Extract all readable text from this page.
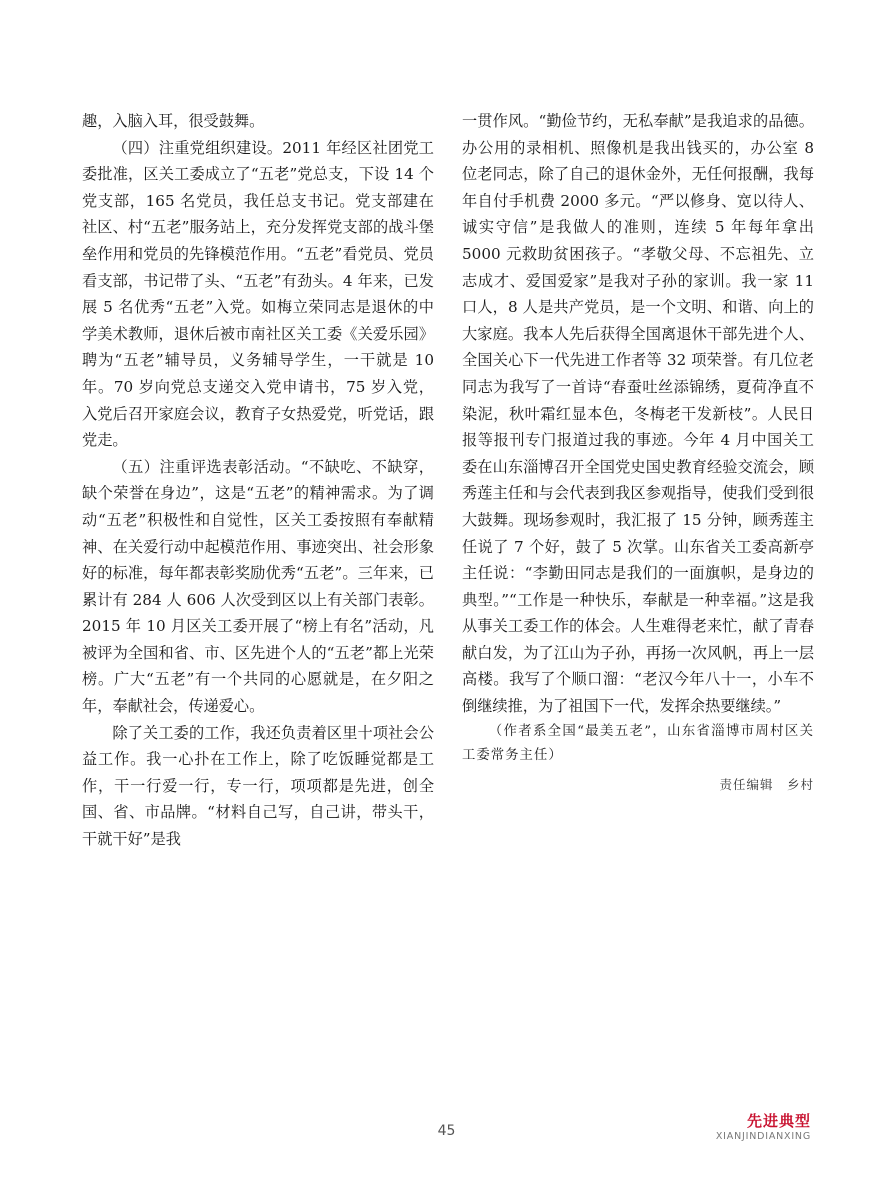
趣，入脑入耳，很受鼓舞。

（四）注重党组织建设。2011 年经区社团党工委批准，区关工委成立了“五老”党总支，下设 14 个党支部，165 名党员，我任总支书记。党支部建在社区、村“五老”服务站上，充分发挥党支部的战斗堡垒作用和党员的先锋模范作用。“五老”看党员、党员看支部，书记带了头、“五老”有劲头。4 年来，已发展 5 名优秀“五老”入党。如梅立荣同志是退休的中学美术教师，退休后被市南社区关工委《关爱乐园》聘为“五老”辅导员，义务辅导学生，一干就是 10 年。70 岁向党总支递交入党申请书，75 岁入党，入党后召开家庭会议，教育子女热爱党，听党话，跟党走。

（五）注重评选表彰活动。“不缺吃、不缺穿，缺个荣誉在身边”，这是“五老”的精神需求。为了调动“五老”积极性和自觉性，区关工委按照有奉献精神、在关爱行动中起模范作用、事迹突出、社会形象好的标准，每年都表彰奖励优秀“五老”。三年来，已累计有 284 人 606 人次受到区以上有关部门表彰。2015 年 10 月区关工委开展了“榜上有名”活动，凡被评为全国和省、市、区先进个人的“五老”都上光荣榜。广大“五老”有一个共同的心愿就是，在夕阳之年，奉献社会，传递爱心。

除了关工委的工作，我还负责着区里十项社会公益工作。我一心扑在工作上，除了吃饭睡觉都是工作，干一行爱一行，专一行，项项都是先进，创全国、省、市品牌。“材料自己写，自己讲，带头干，干就干好”是我

一贯作风。“勤俭节约，无私奉献”是我追求的品德。办公用的录相机、照像机是我出钱买的，办公室 8 位老同志，除了自己的退休金外，无任何报酬，我每年自付手机费 2000 多元。“严以修身、宽以待人、诚实守信”是我做人的准则，连续 5 年每年拿出 5000 元救助贫困孩子。“孝敬父母、不忘祖先、立志成才、爱国爱家”是我对子孙的家训。我一家 11 口人，8 人是共产党员，是一个文明、和谐、向上的大家庭。我本人先后获得全国离退休干部先进个人、全国关心下一代先进工作者等 32 项荣誉。有几位老同志为我写了一首诗“春蚕吐丝添锦绣，夏荷净直不染泥，秋叶霜红显本色，冬梅老干发新枝”。人民日报等报刊专门报道过我的事迹。今年 4 月中国关工委在山东淄博召开全国党史国史教育经验交流会，顾秀莲主任和与会代表到我区参观指导，使我们受到很大鼓舞。现场参观时，我汇报了 15 分钟，顾秀莲主任说了 7 个好，鼓了 5 次掌。山东省关工委高新亭主任说：“李勤田同志是我们的一面旗帜，是身边的典型。”“工作是一种快乐，奉献是一种幸福。”这是我从事关工委工作的体会。人生难得老来忙，献了青春献白发，为了江山为子孙，再扬一次风帆，再上一层高楼。我写了个顺口溜：“老汉今年八十一，小车不倒继续推，为了祖国下一代，发挥余热要继续。”

（作者系全国“最美五老”，山东省淄博市周村区关工委常务主任）

责任编辑　乡村
45
先进典型
XIANJINDIANXING
